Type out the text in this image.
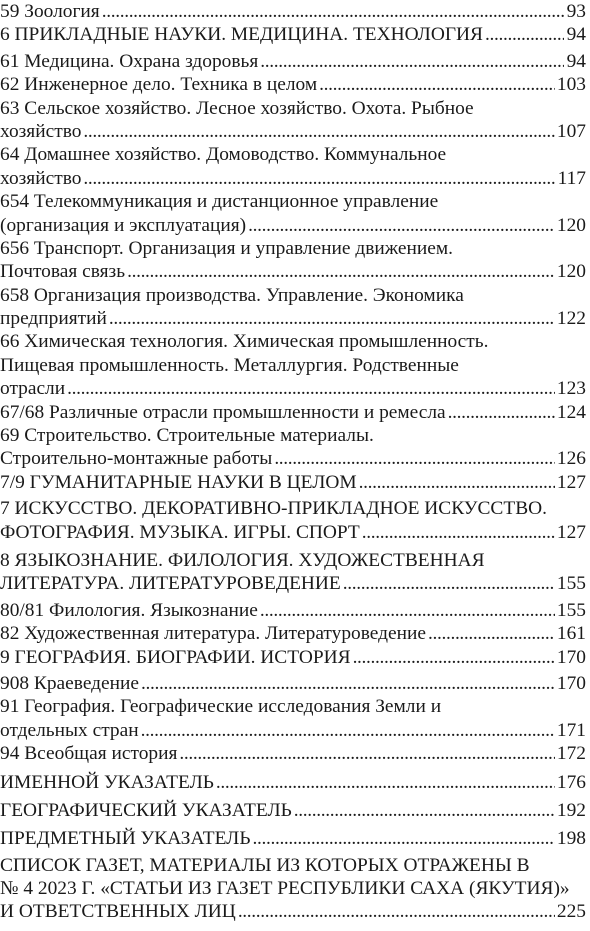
59 Зоология . . .	93
6 ПРИКЛАДНЫЕ НАУКИ. МЕДИЦИНА. ТЕХНОЛОГИЯ . . .	94
61 Медицина. Охрана здоровья . . .	94
62 Инженерное дело. Техника в целом . . .	103
63 Сельское хозяйство. Лесное хозяйство. Охота. Рыбное
хозяйство . . .	107
64 Домашнее хозяйство. Домоводство. Коммунальное
хозяйство . . .	117
654 Телекоммуникация и дистанционное управление
(организация и эксплуатация) . . .	120
656 Транспорт. Организация и управление движением.
Почтовая связь . . .	120
658 Организация производства. Управление. Экономика
предприятий . . .	122
66 Химическая технология. Химическая промышленность.
Пищевая промышленность. Металлургия. Родственные
отрасли . . .	123
67/68 Различные отрасли промышленности и ремесла . . .	124
69 Строительство. Строительные материалы.
Строительно-монтажные работы . . .	126
7/9 ГУМАНИТАРНЫЕ НАУКИ В ЦЕЛОМ . . .	127
7 ИСКУССТВО. ДЕКОРАТИВНО-ПРИКЛАДНОЕ ИСКУССТВО.
ФОТОГРАФИЯ. МУЗЫКА. ИГРЫ. СПОРТ . . .	127
8 ЯЗЫКОЗНАНИЕ. ФИЛОЛОГИЯ. ХУДОЖЕСТВЕННАЯ
ЛИТЕРАТУРА. ЛИТЕРАТУРОВЕДЕНИЕ . . .	155
80/81 Филология. Языкознание . . .	155
82 Художественная литература. Литературоведение . . .	161
9 ГЕОГРАФИЯ. БИОГРАФИИ. ИСТОРИЯ . . .	170
908 Краеведение . . .	170
91 География. Географические исследования Земли и
отдельных стран . . .	171
94 Всеобщая история . . .	172
ИМЕННОЙ УКАЗАТЕЛЬ . . .	176
ГЕОГРАФИЧЕСКИЙ УКАЗАТЕЛЬ . . .	192
ПРЕДМЕТНЫЙ УКАЗАТЕЛЬ . . .	198
СПИСОК ГАЗЕТ, МАТЕРИАЛЫ ИЗ КОТОРЫХ ОТРАЖЕНЫ В
№ 4 2023 Г. «СТАТЬИ ИЗ ГАЗЕТ РЕСПУБЛИКИ САХА (ЯКУТИЯ)»
И ОТВЕТСТВЕННЫХ ЛИЦ . . .	225
